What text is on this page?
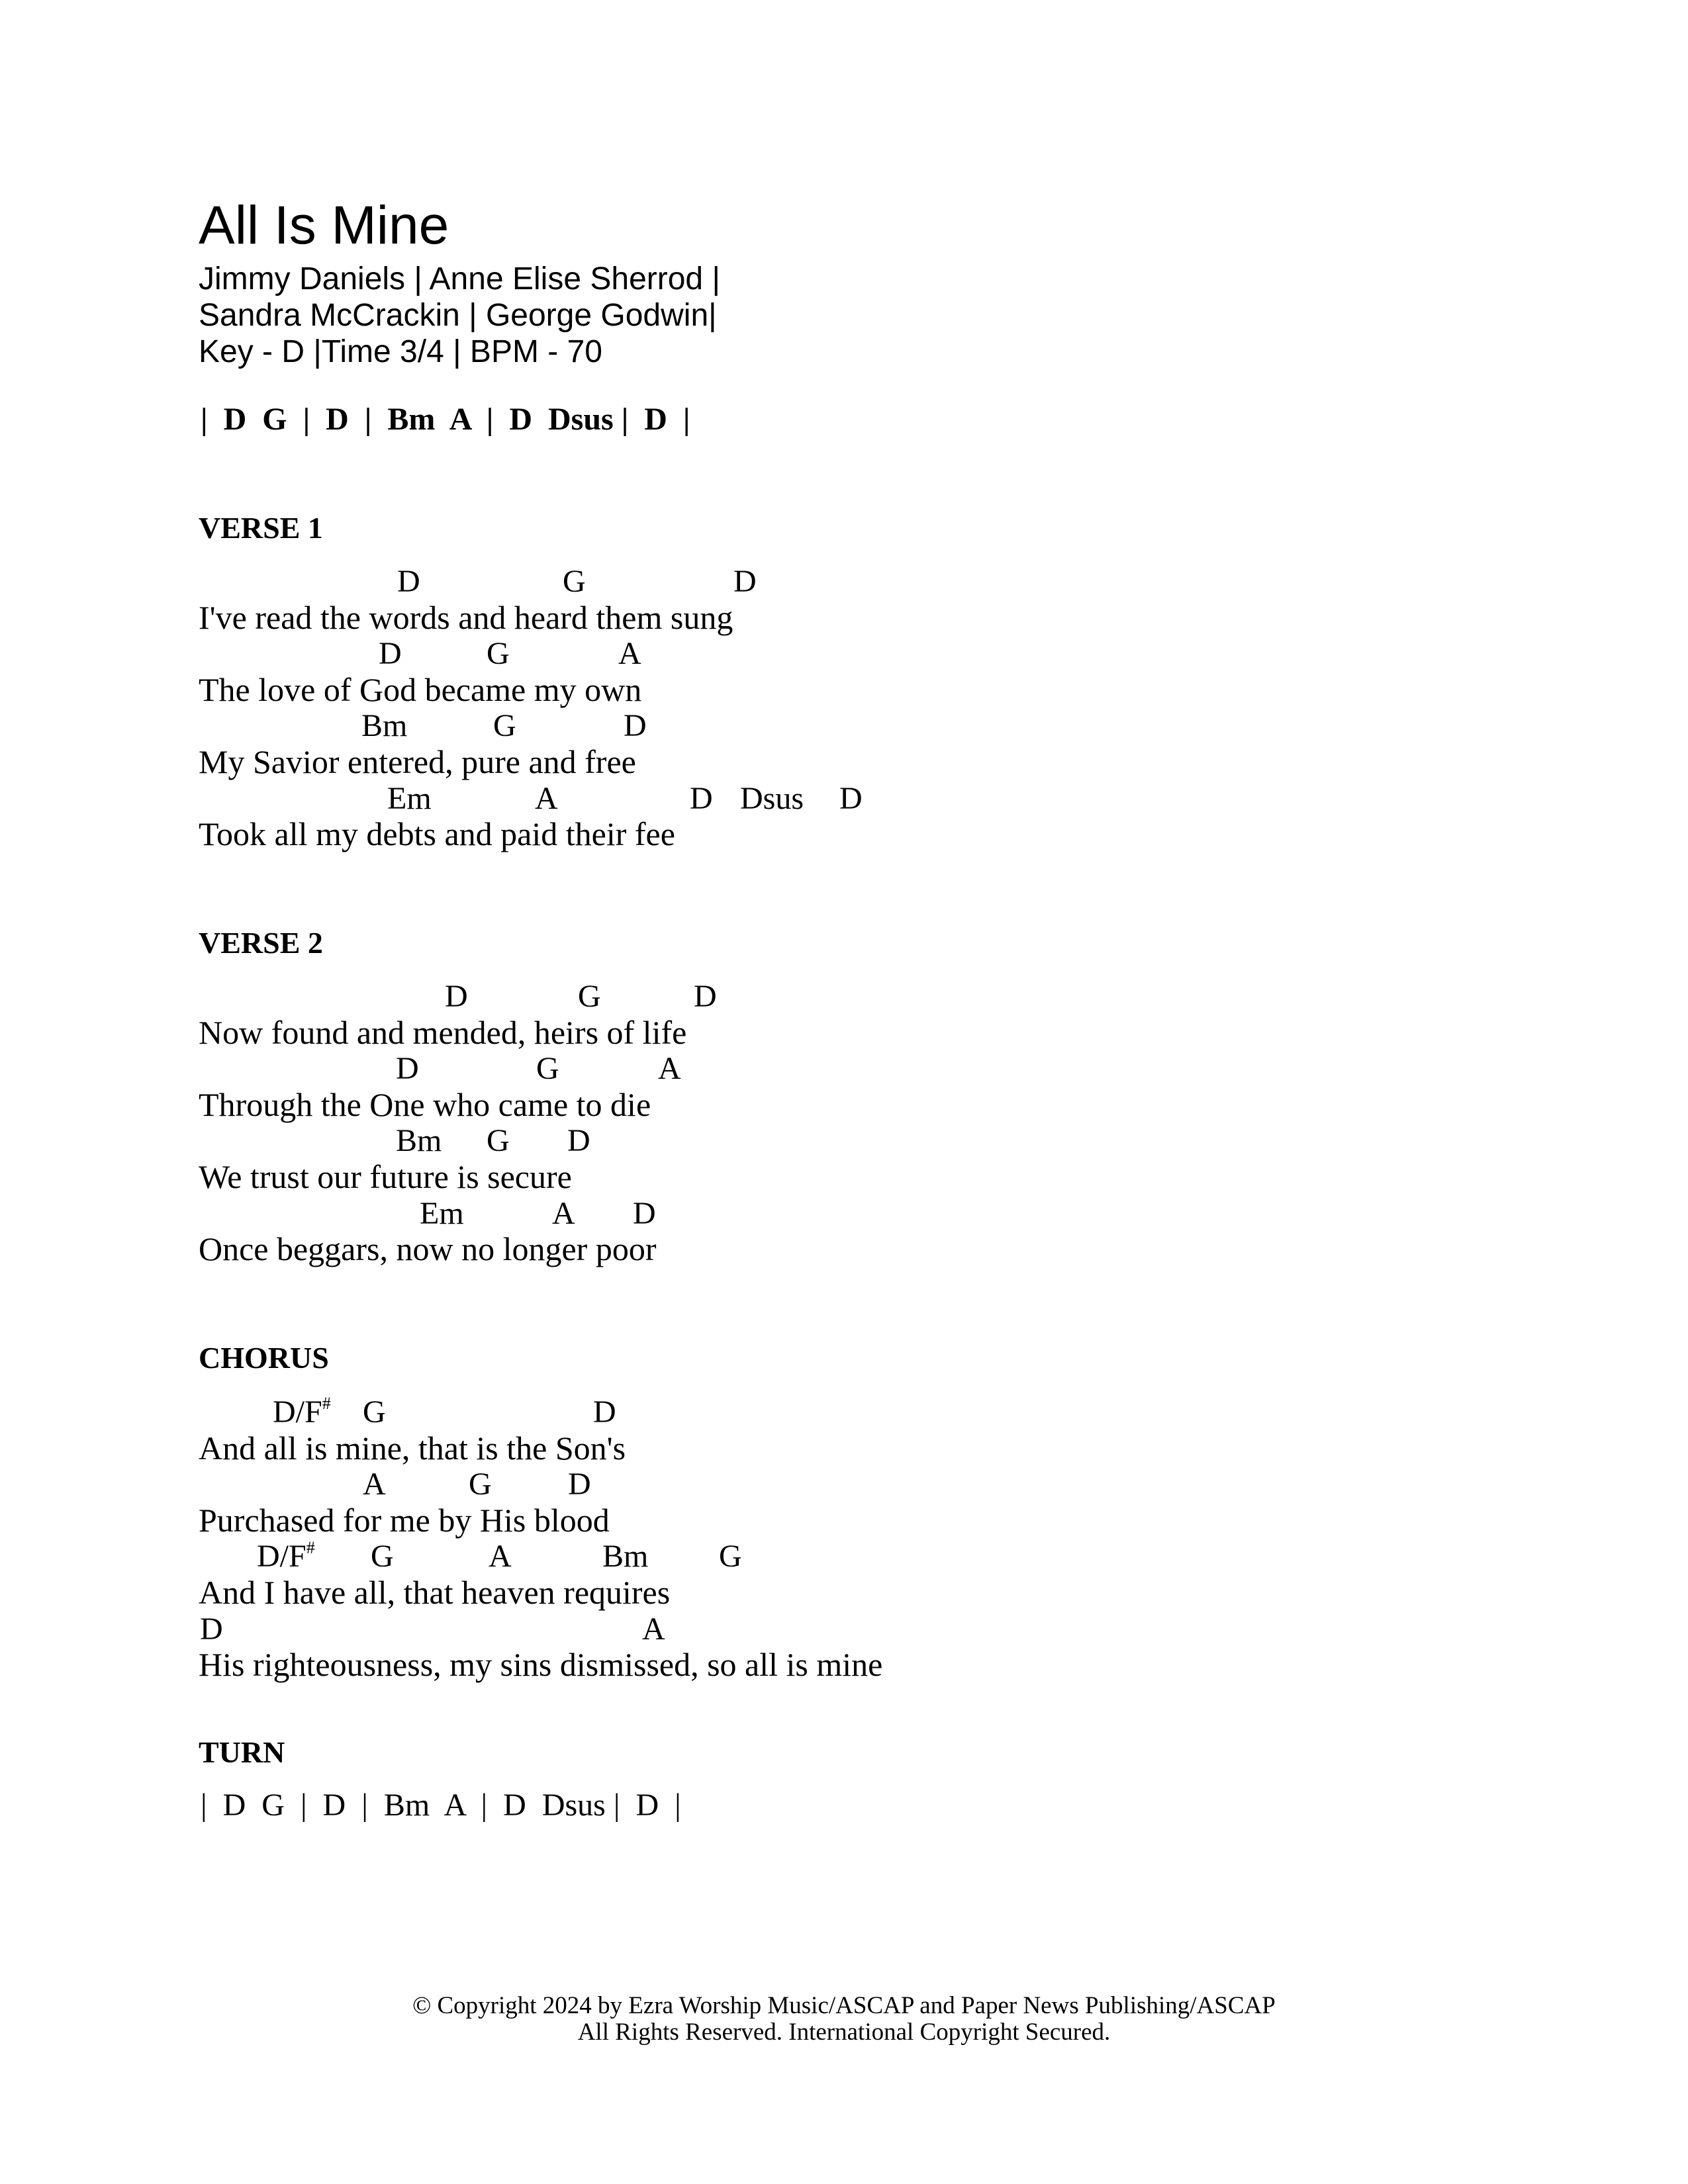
All Is Mine
Jimmy Daniels | Anne Elise Sherrod |
Sandra McCrackin | George Godwin|
Key - D |Time 3/4 | BPM - 70
|  D  G  |  D  |  Bm  A  |  D  Dsus |  D  |
VERSE 1
D	G	D
I've read the words and heard them sung
D	G	A
The love of God became my own
Bm	G	D
My Savior entered, pure and free
Em	A	D Dsus D
Took all my debts and paid their fee
VERSE 2
D	G	D
Now found and mended, heirs of life
D	G	A
Through the One who came to die
Bm G D
We trust our future is secure
Em	A D
Once beggars, now no longer poor
CHORUS
D/F# G	D
And all is mine, that is the Son's
A	G D
Purchased for me by His blood
D/F# G	A	Bm G
And I have all, that heaven requires
D	A
His righteousness, my sins dismissed, so all is mine
TURN
|  D  G  |  D  |  Bm  A  |  D  Dsus |  D  |
© Copyright 2024 by Ezra Worship Music/ASCAP and Paper News Publishing/ASCAP
All Rights Reserved. International Copyright Secured.
